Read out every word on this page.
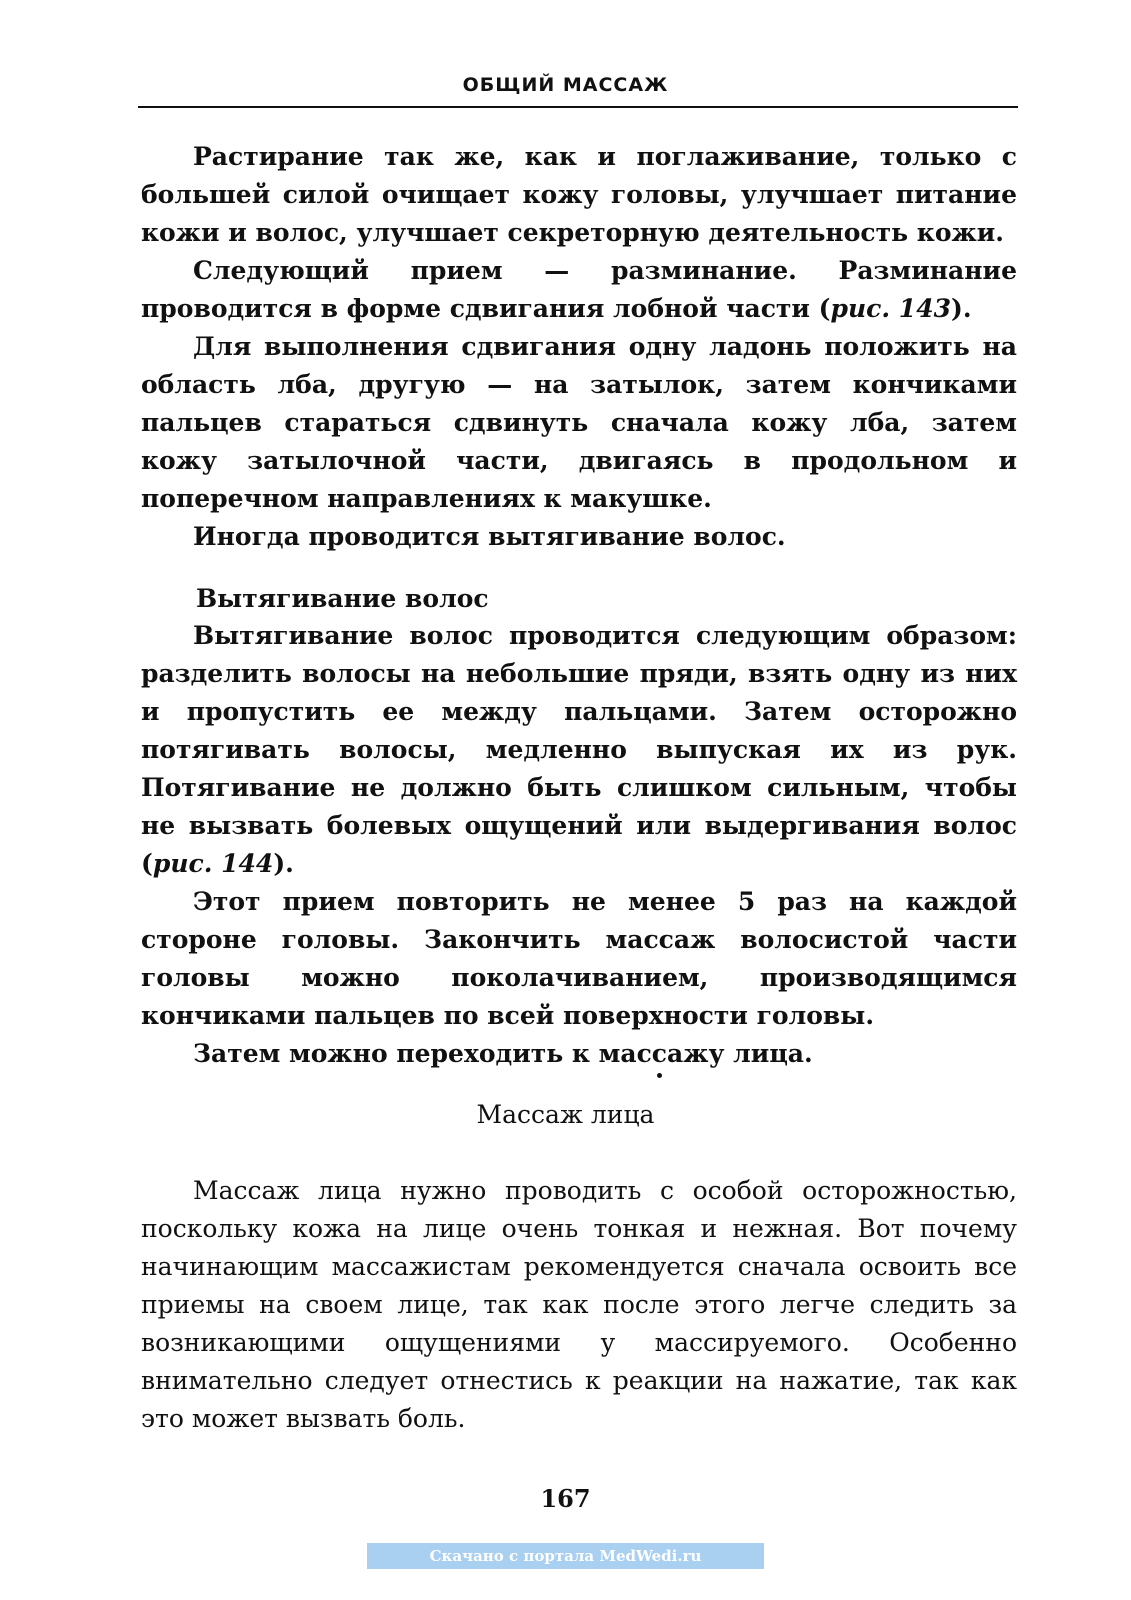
ОБЩИЙ МАССАЖ

Растирание так же, как и поглаживание, только с большей силой очищает кожу головы, улучшает питание кожи и волос, улучшает секреторную деятельность кожи.

Следующий прием — разминание. Разминание проводится в форме сдвигания лобной части (рис. 143).

Для выполнения сдвигания одну ладонь положить на область лба, другую — на затылок, затем кончиками пальцев стараться сдвинуть сначала кожу лба, затем кожу затылочной части, двигаясь в продольном и поперечном направлениях к макушке.

Иногда проводится вытягивание волос.

Вытягивание волос

Вытягивание волос проводится следующим образом: разделить волосы на небольшие пряди, взять одну из них и пропустить ее между пальцами. Затем осторожно потягивать волосы, медленно выпуская их из рук. Потягивание не должно быть слишком сильным, чтобы не вызвать болевых ощущений или выдергивания волос (рис. 144).

Этот прием повторить не менее 5 раз на каждой стороне головы. Закончить массаж волосистой части головы можно поколачиванием, производящимся кончиками пальцев по всей поверхности головы.

Затем можно переходить к массажу лица.

Массаж лица

Массаж лица нужно проводить с особой осторожностью, поскольку кожа на лице очень тонкая и нежная. Вот почему начинающим массажистам рекомендуется сначала освоить все приемы на своем лице, так как после этого легче следить за возникающими ощущениями у массируемого. Особенно внимательно следует отнестись к реакции на нажатие, так как это может вызвать боль.

167
Скачано с портала MedWedi.ru
